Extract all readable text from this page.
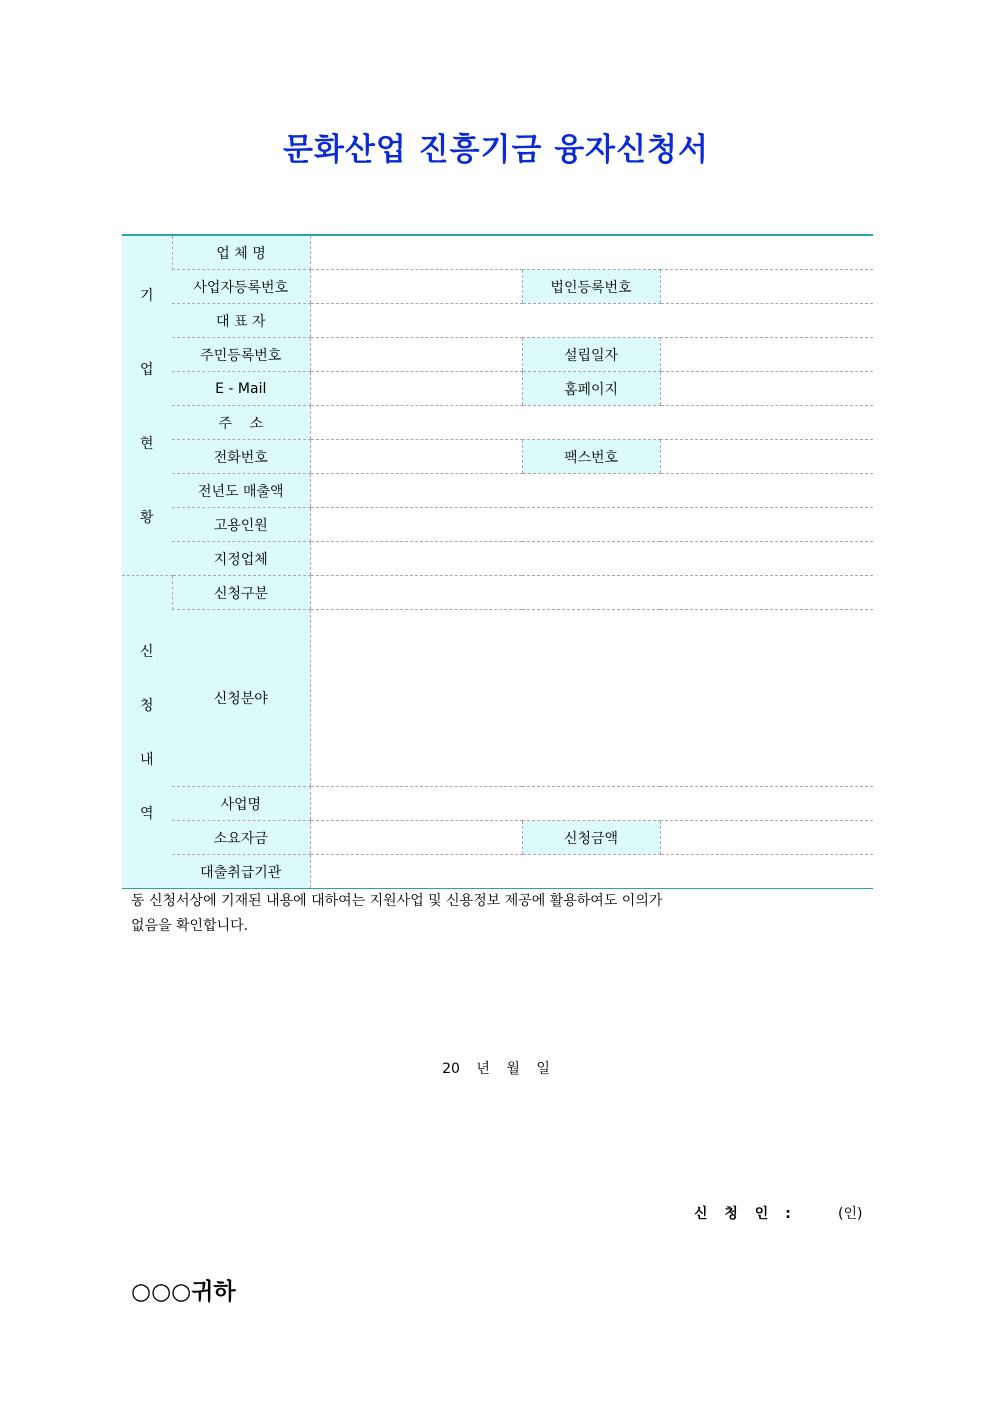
문화산업 진흥기금 융자신청서
기
업
현
황	업 체 명			
	사업자등록번호		법인등록번호	
	대 표 자			
	주민등록번호		설립일자	
	E - Mail		홈페이지	
	주    소			
	전화번호		팩스번호	
	전년도 매출액			
	고용인원			
	지정업체			

신
청
내
역	신청구분			
	신청분야			
	사업명			
	소요자금		신청금액	
	대출취급기관			
동 신청서상에 기재된 내용에 대하여는 지원사업 및 신용정보 제공에 활용하여도 이의가
없음을 확인합니다.
20 년 월 일
신 청 인 :	(인)
○○○귀하
